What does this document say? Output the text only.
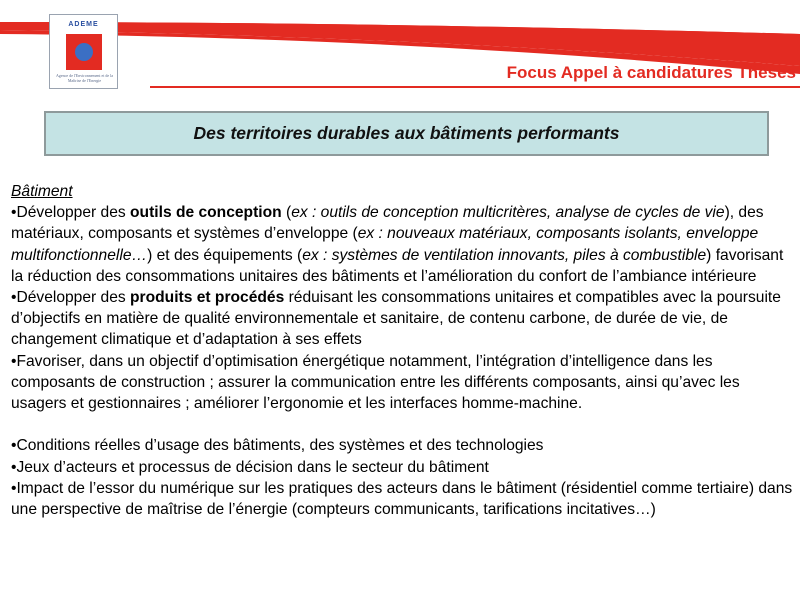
ADEME
Agence de l'Environnement et de la Maîtrise de l'Energie	Focus Appel à candidatures Thèses
Des territoires durables aux bâtiments performants

Bâtiment

•Développer des outils de conception (ex : outils de conception multicritères, analyse de cycles de vie), des matériaux, composants et systèmes d’enveloppe (ex : nouveaux matériaux, composants isolants, enveloppe multifonctionnelle…) et des équipements (ex : systèmes de ventilation innovants, piles à combustible) favorisant la réduction des consommations unitaires des bâtiments et l’amélioration du confort de l’ambiance intérieure

•Développer des produits et procédés réduisant les consommations unitaires et compatibles avec la poursuite d’objectifs en matière de qualité environnementale et sanitaire, de contenu carbone, de durée de vie, de changement climatique et d’adaptation à ses effets

•Favoriser, dans un objectif d’optimisation énergétique notamment, l’intégration d’intelligence dans les composants de construction ; assurer la communication entre les différents composants, ainsi qu’avec les usagers et gestionnaires ; améliorer l’ergonomie et les interfaces homme-machine.

•Conditions réelles d’usage des bâtiments, des systèmes et des technologies

•Jeux d’acteurs et processus de décision dans le secteur du bâtiment

•Impact de l’essor du numérique sur les pratiques des acteurs dans le bâtiment (résidentiel comme tertiaire) dans une perspective de maîtrise de l’énergie (compteurs communicants, tarifications incitatives…)
